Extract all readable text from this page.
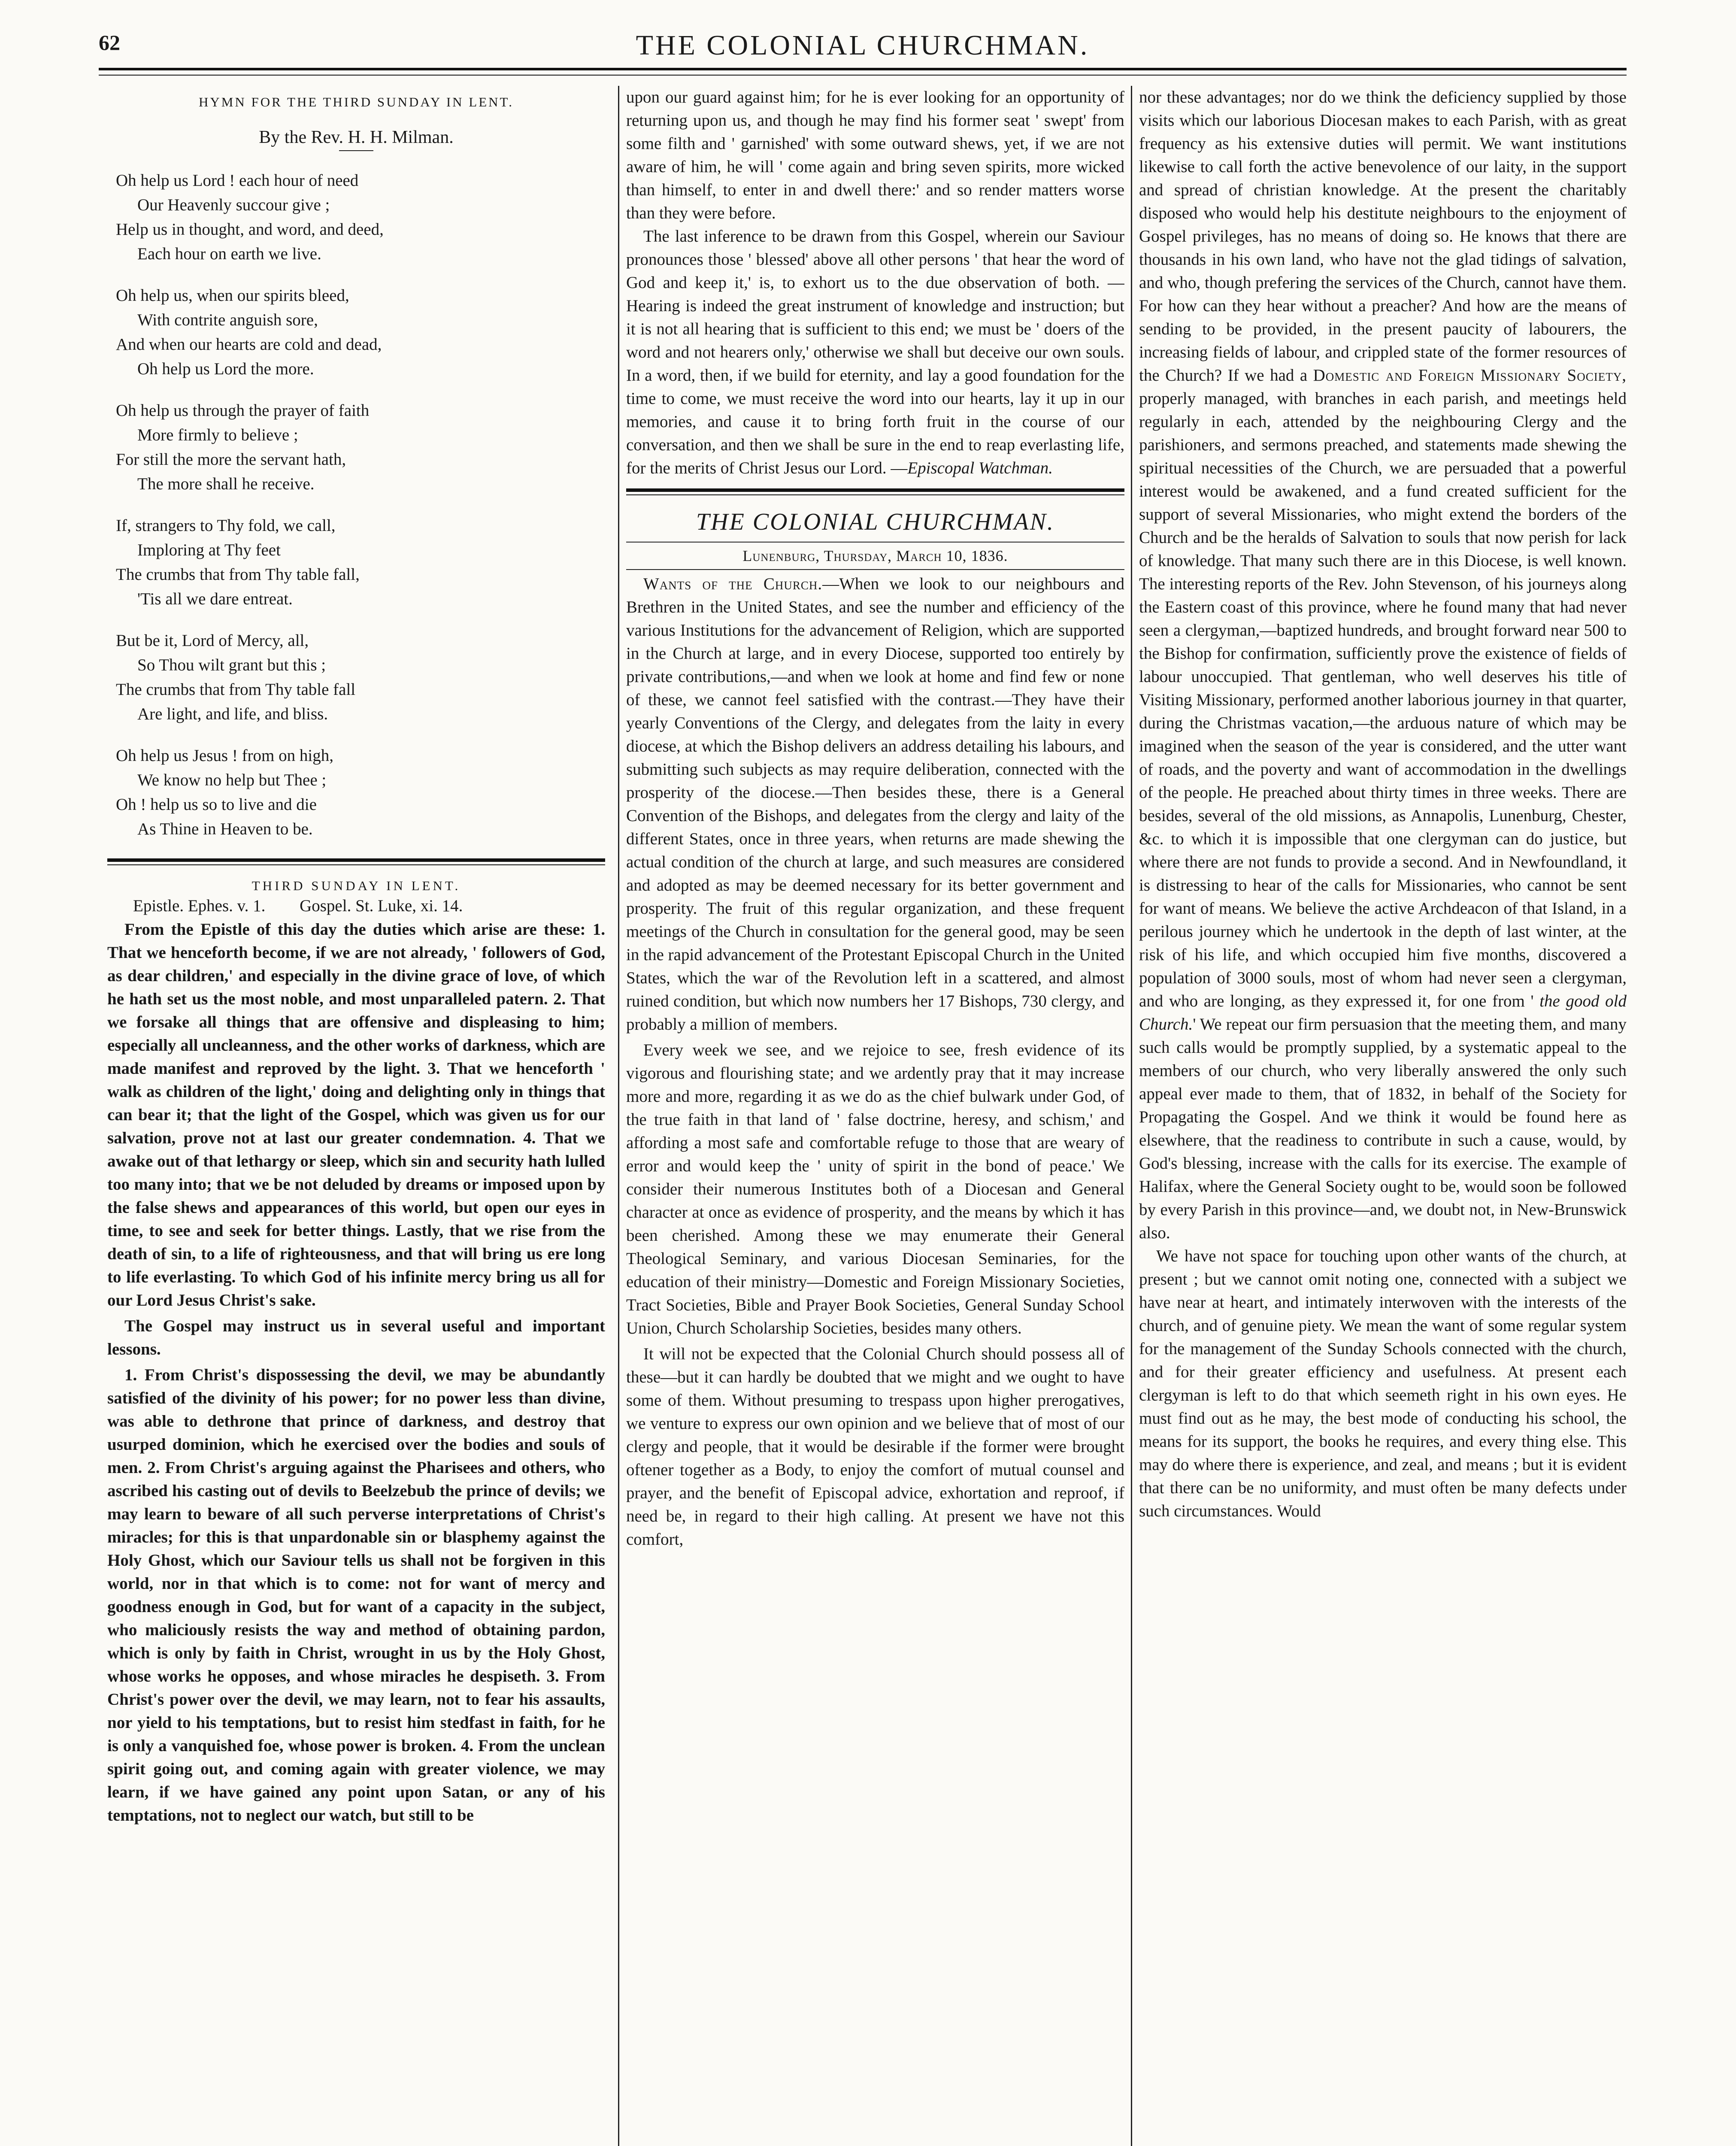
62	THE COLONIAL CHURCHMAN.
HYMN FOR THE THIRD SUNDAY IN LENT.
By the Rev. H. H. Milman.
Oh help us Lord ! each hour of need
Our Heavenly succour give ;
Help us in thought, and word, and deed,
Each hour on earth we live.
Oh help us, when our spirits bleed,
With contrite anguish sore,
And when our hearts are cold and dead,
Oh help us Lord the more.
Oh help us through the prayer of faith
More firmly to believe ;
For still the more the servant hath,
The more shall he receive.
If, strangers to Thy fold, we call,
Imploring at Thy feet
The crumbs that from Thy table fall,
'Tis all we dare entreat.
But be it, Lord of Mercy, all,
So Thou wilt grant but this ;
The crumbs that from Thy table fall
Are light, and life, and bliss.
Oh help us Jesus ! from on high,
We know no help but Thee ;
Oh ! help us so to live and die
As Thine in Heaven to be.
THIRD SUNDAY IN LENT.
Epistle. Ephes. v. 1. Gospel. St. Luke, xi. 14.

From the Epistle of this day the duties which arise are these: 1. That we henceforth become, if we are not already, ' followers of God, as dear children,' and especially in the divine grace of love, of which he hath set us the most noble, and most unparalleled patern. 2. That we forsake all things that are offensive and displeasing to him; especially all uncleanness, and the other works of darkness, which are made manifest and reproved by the light. 3. That we henceforth ' walk as children of the light,' doing and delighting only in things that can bear it; that the light of the Gospel, which was given us for our salvation, prove not at last our greater condemnation. 4. That we awake out of that lethargy or sleep, which sin and security hath lulled too many into; that we be not deluded by dreams or imposed upon by the false shews and appearances of this world, but open our eyes in time, to see and seek for better things. Lastly, that we rise from the death of sin, to a life of righteousness, and that will bring us ere long to life everlasting. To which God of his infinite mercy bring us all for our Lord Jesus Christ's sake.

The Gospel may instruct us in several useful and important lessons.

1. From Christ's dispossessing the devil, we may be abundantly satisfied of the divinity of his power; for no power less than divine, was able to dethrone that prince of darkness, and destroy that usurped dominion, which he exercised over the bodies and souls of men. 2. From Christ's arguing against the Pharisees and others, who ascribed his casting out of devils to Beelzebub the prince of devils; we may learn to beware of all such perverse interpretations of Christ's miracles; for this is that unpardonable sin or blasphemy against the Holy Ghost, which our Saviour tells us shall not be forgiven in this world, nor in that which is to come: not for want of mercy and goodness enough in God, but for want of a capacity in the subject, who maliciously resists the way and method of obtaining pardon, which is only by faith in Christ, wrought in us by the Holy Ghost, whose works he opposes, and whose miracles he despiseth. 3. From Christ's power over the devil, we may learn, not to fear his assaults, nor yield to his temptations, but to resist him stedfast in faith, for he is only a vanquished foe, whose power is broken. 4. From the unclean spirit going out, and coming again with greater violence, we may learn, if we have gained any point upon Satan, or any of his temptations, not to neglect our watch, but still to be

upon our guard against him; for he is ever looking for an opportunity of returning upon us, and though he may find his former seat ' swept' from some filth and ' garnished' with some outward shews, yet, if we are not aware of him, he will ' come again and bring seven spirits, more wicked than himself, to enter in and dwell there:' and so render matters worse than they were before.

The last inference to be drawn from this Gospel, wherein our Saviour pronounces those ' blessed' above all other persons ' that hear the word of God and keep it,' is, to exhort us to the due observation of both. — Hearing is indeed the great instrument of knowledge and instruction; but it is not all hearing that is sufficient to this end; we must be ' doers of the word and not hearers only,' otherwise we shall but deceive our own souls. In a word, then, if we build for eternity, and lay a good foundation for the time to come, we must receive the word into our hearts, lay it up in our memories, and cause it to bring forth fruit in the course of our conversation, and then we shall be sure in the end to reap everlasting life, for the merits of Christ Jesus our Lord. —Episcopal Watchman.

THE COLONIAL CHURCHMAN.
Lunenburg, Thursday, March 10, 1836.

Wants of the Church.—When we look to our neighbours and Brethren in the United States, and see the number and efficiency of the various Institutions for the advancement of Religion, which are supported in the Church at large, and in every Diocese, supported too entirely by private contributions,—and when we look at home and find few or none of these, we cannot feel satisfied with the contrast.—They have their yearly Conventions of the Clergy, and delegates from the laity in every diocese, at which the Bishop delivers an address detailing his labours, and submitting such subjects as may require deliberation, connected with the prosperity of the diocese.—Then besides these, there is a General Convention of the Bishops, and delegates from the clergy and laity of the different States, once in three years, when returns are made shewing the actual condition of the church at large, and such measures are considered and adopted as may be deemed necessary for its better government and prosperity. The fruit of this regular organization, and these frequent meetings of the Church in consultation for the general good, may be seen in the rapid advancement of the Protestant Episcopal Church in the United States, which the war of the Revolution left in a scattered, and almost ruined condition, but which now numbers her 17 Bishops, 730 clergy, and probably a million of members.

Every week we see, and we rejoice to see, fresh evidence of its vigorous and flourishing state; and we ardently pray that it may increase more and more, regarding it as we do as the chief bulwark under God, of the true faith in that land of ' false doctrine, heresy, and schism,' and affording a most safe and comfortable refuge to those that are weary of error and would keep the ' unity of spirit in the bond of peace.' We consider their numerous Institutes both of a Diocesan and General character at once as evidence of prosperity, and the means by which it has been cherished. Among these we may enumerate their General Theological Seminary, and various Diocesan Seminaries, for the education of their ministry—Domestic and Foreign Missionary Societies, Tract Societies, Bible and Prayer Book Societies, General Sunday School Union, Church Scholarship Societies, besides many others.

It will not be expected that the Colonial Church should possess all of these—but it can hardly be doubted that we might and we ought to have some of them. Without presuming to trespass upon higher prerogatives, we venture to express our own opinion and we believe that of most of our clergy and people, that it would be desirable if the former were brought oftener together as a Body, to enjoy the comfort of mutual counsel and prayer, and the benefit of Episcopal advice, exhortation and reproof, if need be, in regard to their high calling. At present we have not this comfort,

nor these advantages; nor do we think the deficiency supplied by those visits which our laborious Diocesan makes to each Parish, with as great frequency as his extensive duties will permit. We want institutions likewise to call forth the active benevolence of our laity, in the support and spread of christian knowledge. At the present the charitably disposed who would help his destitute neighbours to the enjoyment of Gospel privileges, has no means of doing so. He knows that there are thousands in his own land, who have not the glad tidings of salvation, and who, though prefering the services of the Church, cannot have them. For how can they hear without a preacher? And how are the means of sending to be provided, in the present paucity of labourers, the increasing fields of labour, and crippled state of the former resources of the Church? If we had a Domestic and Foreign Missionary Society, properly managed, with branches in each parish, and meetings held regularly in each, attended by the neighbouring Clergy and the parishioners, and sermons preached, and statements made shewing the spiritual necessities of the Church, we are persuaded that a powerful interest would be awakened, and a fund created sufficient for the support of several Missionaries, who might extend the borders of the Church and be the heralds of Salvation to souls that now perish for lack of knowledge. That many such there are in this Diocese, is well known. The interesting reports of the Rev. John Stevenson, of his journeys along the Eastern coast of this province, where he found many that had never seen a clergyman,—baptized hundreds, and brought forward near 500 to the Bishop for confirmation, sufficiently prove the existence of fields of labour unoccupied. That gentleman, who well deserves his title of Visiting Missionary, performed another laborious journey in that quarter, during the Christmas vacation,—the arduous nature of which may be imagined when the season of the year is considered, and the utter want of roads, and the poverty and want of accommodation in the dwellings of the people. He preached about thirty times in three weeks. There are besides, several of the old missions, as Annapolis, Lunenburg, Chester, &c. to which it is impossible that one clergyman can do justice, but where there are not funds to provide a second. And in Newfoundland, it is distressing to hear of the calls for Missionaries, who cannot be sent for want of means. We believe the active Archdeacon of that Island, in a perilous journey which he undertook in the depth of last winter, at the risk of his life, and which occupied him five months, discovered a population of 3000 souls, most of whom had never seen a clergyman, and who are longing, as they expressed it, for one from ' the good old Church.' We repeat our firm persuasion that the meeting them, and many such calls would be promptly supplied, by a systematic appeal to the members of our church, who very liberally answered the only such appeal ever made to them, that of 1832, in behalf of the Society for Propagating the Gospel. And we think it would be found here as elsewhere, that the readiness to contribute in such a cause, would, by God's blessing, increase with the calls for its exercise. The example of Halifax, where the General Society ought to be, would soon be followed by every Parish in this province—and, we doubt not, in New-Brunswick also.

We have not space for touching upon other wants of the church, at present ; but we cannot omit noting one, connected with a subject we have near at heart, and intimately interwoven with the interests of the church, and of genuine piety. We mean the want of some regular system for the management of the Sunday Schools connected with the church, and for their greater efficiency and usefulness. At present each clergyman is left to do that which seemeth right in his own eyes. He must find out as he may, the best mode of conducting his school, the means for its support, the books he requires, and every thing else. This may do where there is experience, and zeal, and means ; but it is evident that there can be no uniformity, and must often be many defects under such circumstances. Would
